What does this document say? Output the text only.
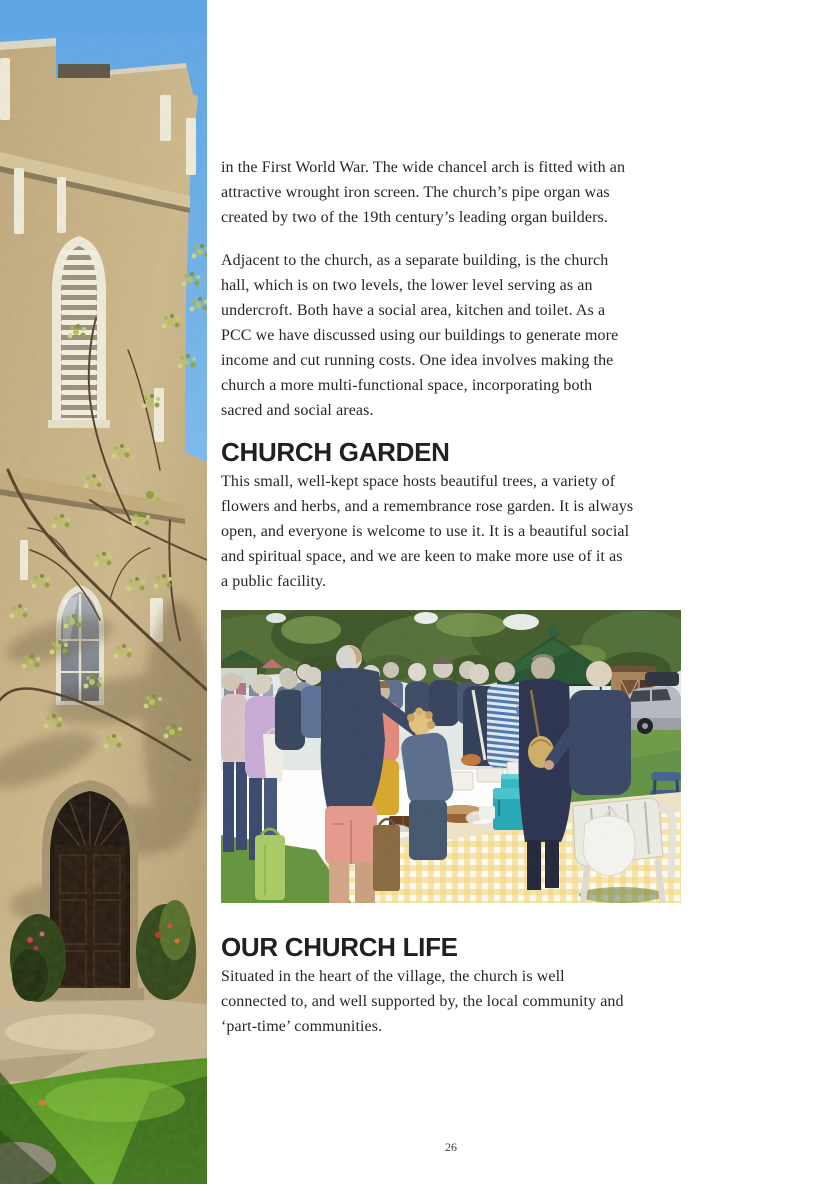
in the First World War. The wide chancel arch is fitted with an
attractive wrought iron screen. The church’s pipe organ was
created by two of the 19th century’s leading organ builders.

Adjacent to the church, as a separate building, is the church
hall, which is on two levels, the lower level serving as an
undercroft. Both have a social area, kitchen and toilet. As a
PCC we have discussed using our buildings to generate more
income and cut running costs. One idea involves making the
church a more multi-functional space, incorporating both
sacred and social areas.

CHURCH GARDEN

This small, well-kept space hosts beautiful trees, a variety of
flowers and herbs, and a remembrance rose garden. It is always
open, and everyone is welcome to use it. It is a beautiful social
and spiritual space, and we are keen to make more use of it as
a public facility.

OUR CHURCH LIFE

Situated in the heart of the village, the church is well
connected to, and well supported by, the local community and
‘part-time’ communities.

26
